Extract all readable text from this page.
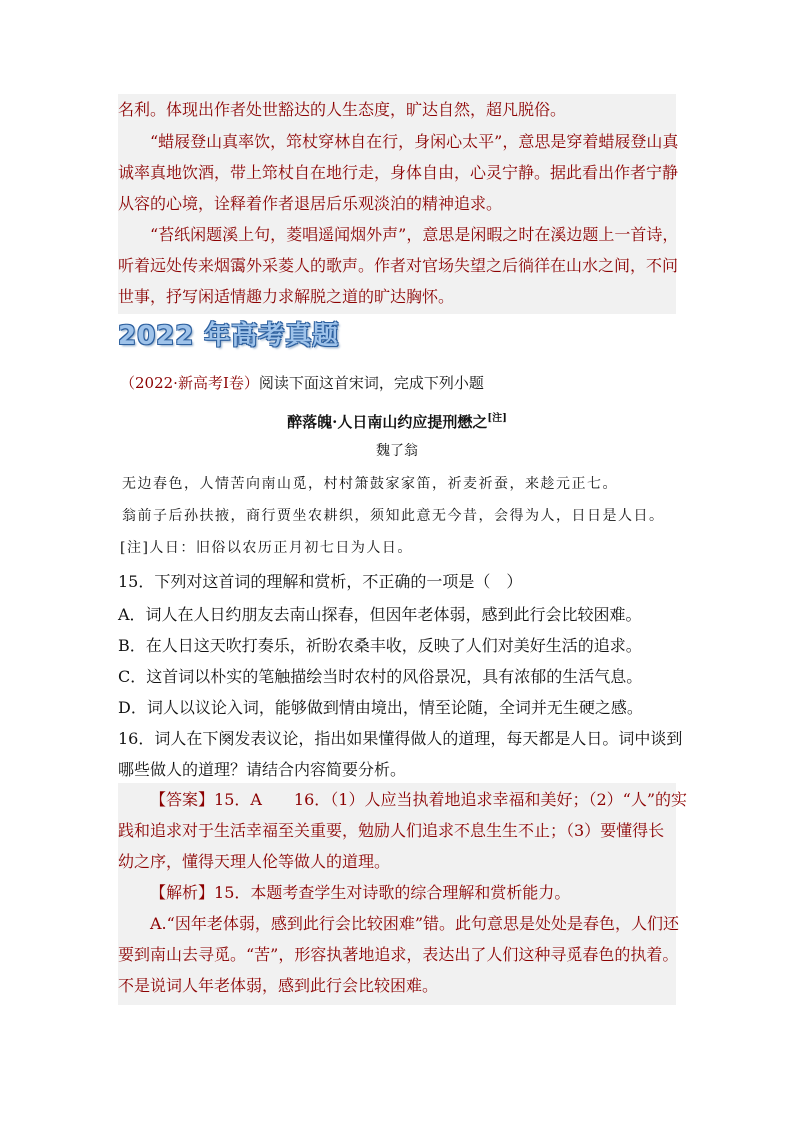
名利。体现出作者处世豁达的人生态度，旷达自然，超凡脱俗。
“蜡屐登山真率饮，筇杖穿林自在行，身闲心太平”，意思是穿着蜡屐登山真
诚率真地饮酒，带上筇杖自在地行走，身体自由，心灵宁静。据此看出作者宁静
从容的心境，诠释着作者退居后乐观淡泊的精神追求。
“苔纸闲题溪上句，菱唱遥闻烟外声”，意思是闲暇之时在溪边题上一首诗，
听着远处传来烟霭外采菱人的歌声。作者对官场失望之后徜徉在山水之间，不问
世事，抒写闲适情趣力求解脱之道的旷达胸怀。
2022 年高考真题
（2022·新高考Ⅰ卷）阅读下面这首宋词，完成下列小题
醉落魄·人日南山约应提刑懋之[注]
魏了翁
无边春色，人情苦向南山觅，村村箫鼓家家笛，祈麦祈蚕，来趁元正七。
翁前子后孙扶掖，商行贾坐农耕织，须知此意无今昔，会得为人，日日是人日。
[注]人日：旧俗以农历正月初七日为人日。
15．下列对这首词的理解和赏析，不正确的一项是（　）
A．词人在人日约朋友去南山探春，但因年老体弱，感到此行会比较困难。
B．在人日这天吹打奏乐，祈盼农桑丰收，反映了人们对美好生活的追求。
C．这首词以朴实的笔触描绘当时农村的风俗景况，具有浓郁的生活气息。
D．词人以议论入词，能够做到情由境出，情至论随，全词并无生硬之感。
16．词人在下阕发表议论，指出如果懂得做人的道理，每天都是人日。词中谈到
哪些做人的道理？请结合内容简要分析。
【答案】15．A　　16．（1）人应当执着地追求幸福和美好；（2）“人”的实
践和追求对于生活幸福至关重要，勉励人们追求不息生生不止；（3）要懂得长
幼之序，懂得天理人伦等做人的道理。
【解析】15．本题考查学生对诗歌的综合理解和赏析能力。
A.“因年老体弱，感到此行会比较困难”错。此句意思是处处是春色，人们还
要到南山去寻觅。“苦”，形容执著地追求，表达出了人们这种寻觅春色的执着。
不是说词人年老体弱，感到此行会比较困难。
